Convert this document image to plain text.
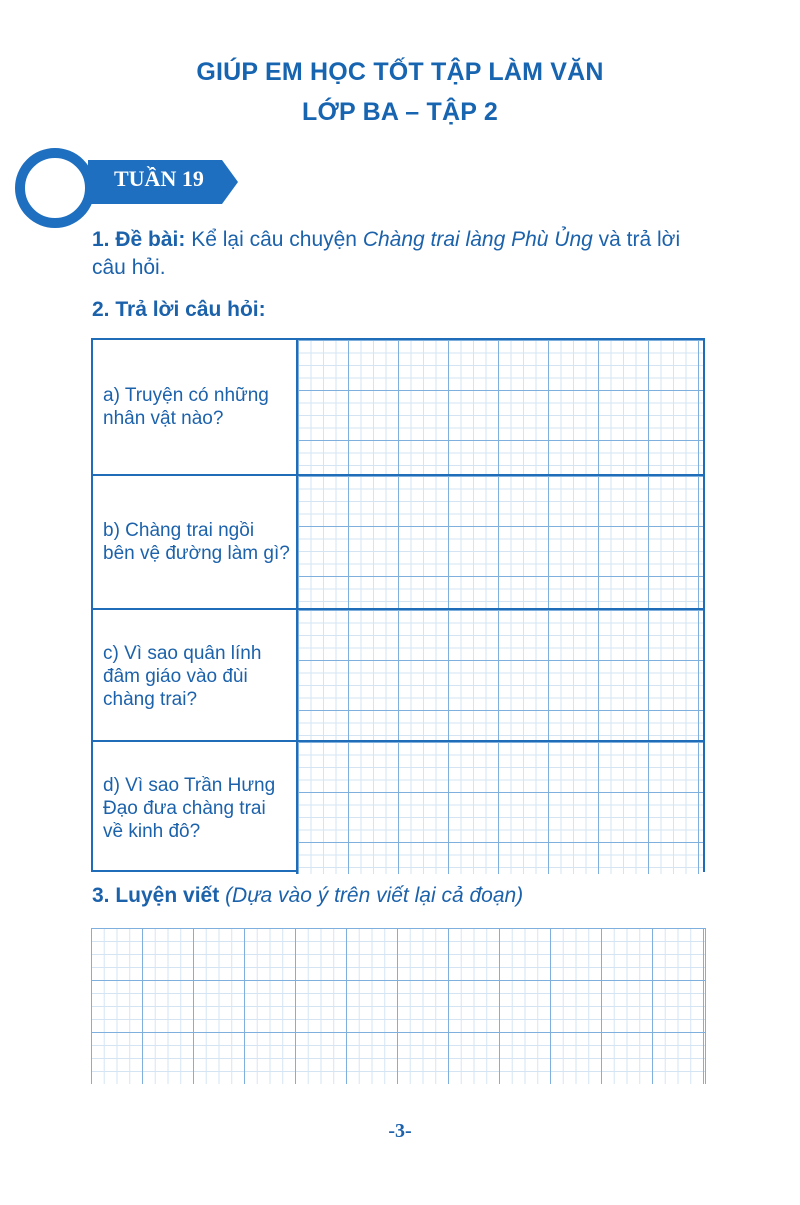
GIÚP EM HỌC TỐT TẬP LÀM VĂN
LỚP BA – TẬP 2
TUẦN 19
1. Đề bài: Kể lại câu chuyện Chàng trai làng Phù Ủng và trả lời câu hỏi.
2. Trả lời câu hỏi:
a) Truyện có những nhân vật nào?
b) Chàng trai ngồi bên vệ đường làm gì?
c) Vì sao quân lính đâm giáo vào đùi chàng trai?
d) Vì sao Trần Hưng Đạo đưa chàng trai về kinh đô?
3. Luyện viết (Dựa vào ý trên viết lại cả đoạn)
-3-
